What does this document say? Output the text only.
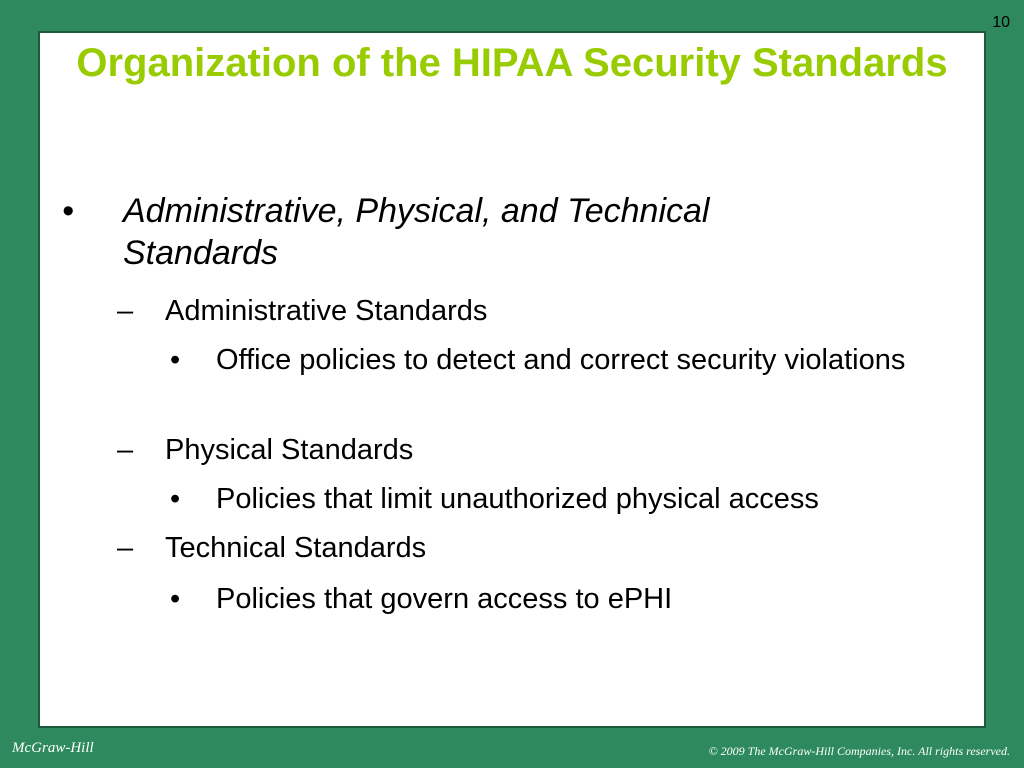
10
Organization of the HIPAA Security Standards
• Administrative, Physical, and Technical Standards
– Administrative Standards
• Office policies to detect and correct security violations
– Physical Standards
• Policies that limit unauthorized physical access
– Technical Standards
• Policies that govern access to ePHI
McGraw-Hill	© 2009 The McGraw-Hill Companies, Inc. All rights reserved.
